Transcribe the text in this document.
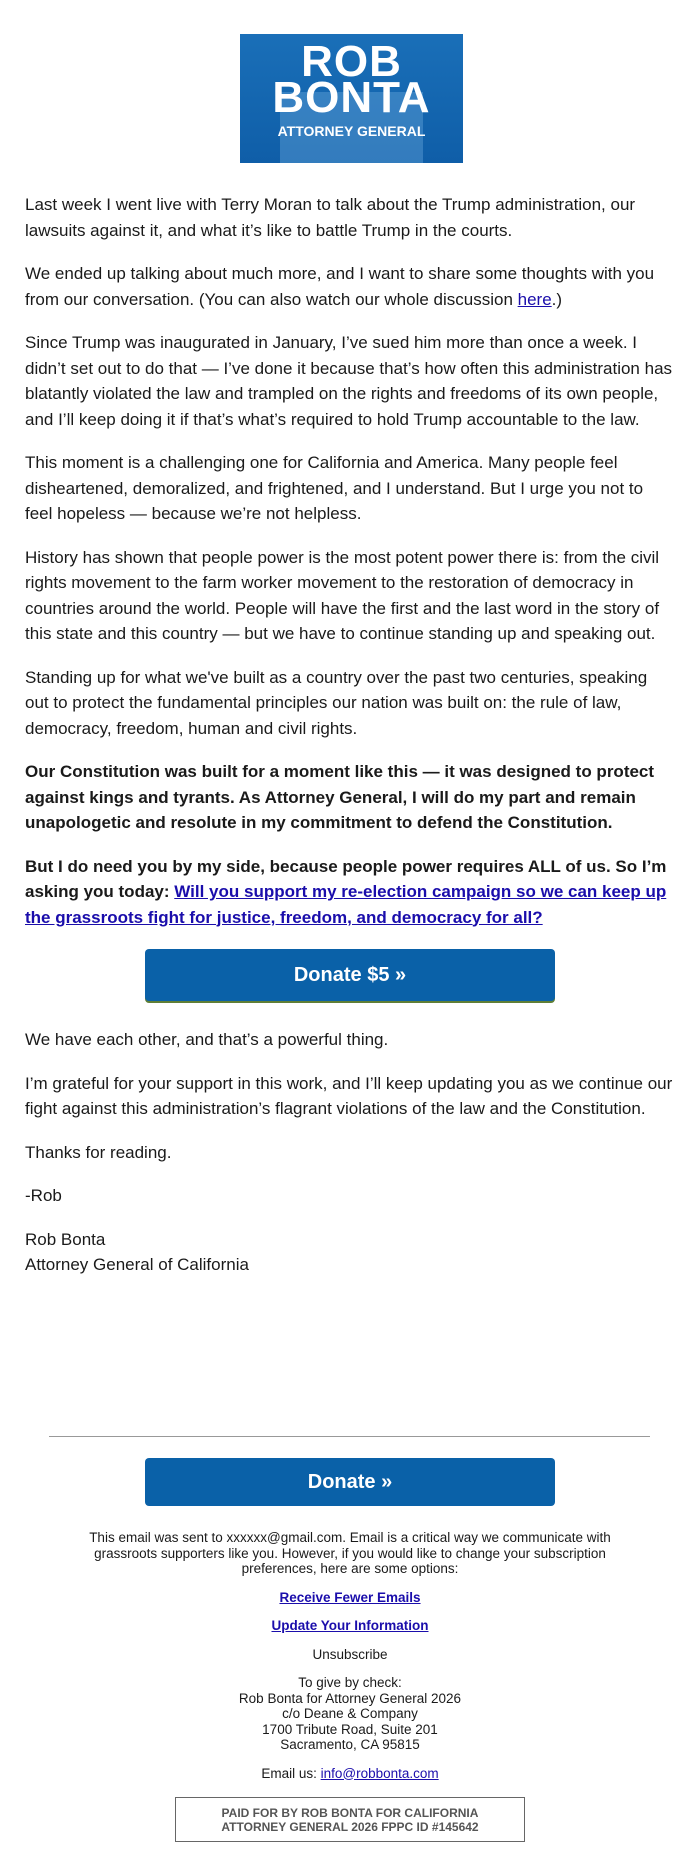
ROB
BONTA
ATTORNEY GENERAL

Last week I went live with Terry Moran to talk about the Trump administration, our lawsuits against it, and what it’s like to battle Trump in the courts.

We ended up talking about much more, and I want to share some thoughts with you from our conversation. (You can also watch our whole discussion here.)

Since Trump was inaugurated in January, I’ve sued him more than once a week. I didn’t set out to do that — I’ve done it because that’s how often this administration has blatantly violated the law and trampled on the rights and freedoms of its own people, and I’ll keep doing it if that’s what’s required to hold Trump accountable to the law.

This moment is a challenging one for California and America. Many people feel disheartened, demoralized, and frightened, and I understand. But I urge you not to feel hopeless — because we’re not helpless.

History has shown that people power is the most potent power there is: from the civil rights movement to the farm worker movement to the restoration of democracy in countries around the world. People will have the first and the last word in the story of this state and this country — but we have to continue standing up and speaking out.

Standing up for what we've built as a country over the past two centuries, speaking out to protect the fundamental principles our nation was built on: the rule of law, democracy, freedom, human and civil rights.

Our Constitution was built for a moment like this — it was designed to protect against kings and tyrants. As Attorney General, I will do my part and remain unapologetic and resolute in my commitment to defend the Constitution.

But I do need you by my side, because people power requires ALL of us. So I’m asking you today: Will you support my re-election campaign so we can keep up the grassroots fight for justice, freedom, and democracy for all?

Donate $5 »

We have each other, and that’s a powerful thing.

I’m grateful for your support in this work, and I’ll keep updating you as we continue our fight against this administration’s flagrant violations of the law and the Constitution.

Thanks for reading.

-Rob

Rob Bonta

Attorney General of California

Donate »
This email was sent to xxxxxx@gmail.com. Email is a critical way we communicate with grassroots supporters like you. However, if you would like to change your subscription preferences, here are some options:
Receive Fewer Emails
Update Your Information
Unsubscribe
To give by check:
Rob Bonta for Attorney General 2026
c/o Deane & Company
1700 Tribute Road, Suite 201
Sacramento, CA 95815
Email us: info@robbonta.com
PAID FOR BY ROB BONTA FOR CALIFORNIA
ATTORNEY GENERAL 2026 FPPC ID #145642
